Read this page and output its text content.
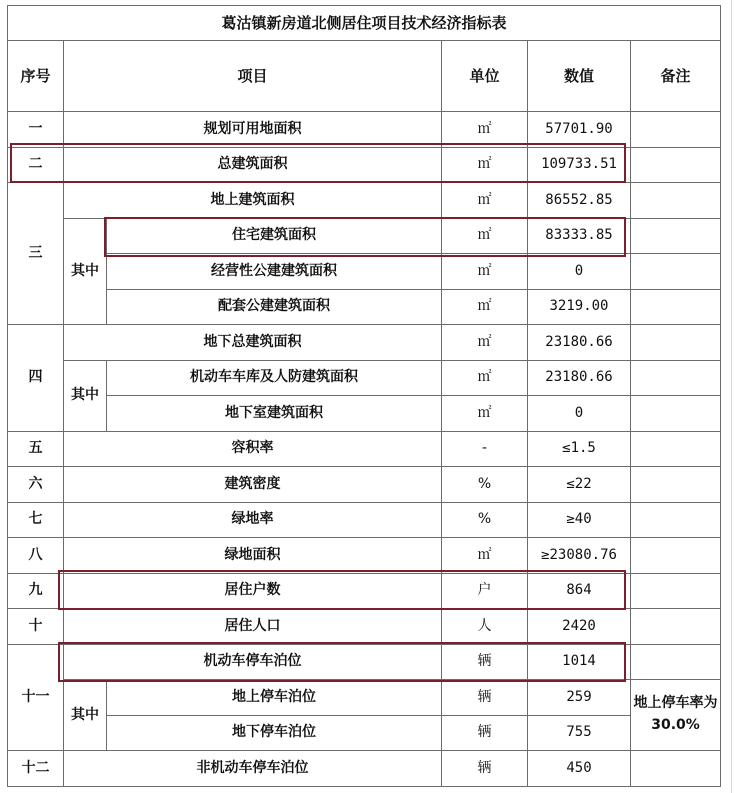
葛沽镇新房道北侧居住项目技术经济指标表					
序号	项目		单位	数值	备注
一	规划可用地面积		㎡	57701.90	
二	总建筑面积		㎡	109733.51	
三	地上建筑面积		㎡	86552.85	
	其中	住宅建筑面积	㎡	83333.85	
		经营性公建建筑面积	㎡	0	
		配套公建建筑面积	㎡	3219.00	
四	地下总建筑面积		㎡	23180.66	
	其中	机动车车库及人防建筑面积	㎡	23180.66	
		地下室建筑面积	㎡	0	
五	容积率		-	≤1.5	
六	建筑密度		%	≤22	
七	绿地率		%	≥40	
八	绿地面积		㎡	≥23080.76	
九	居住户数		户	864	
十	居住人口		人	2420	
十一	机动车停车泊位		辆	1014	
	其中	地上停车泊位	辆	259	地上停车率为30.0%
		地下停车泊位	辆	755	
十二	非机动车停车泊位		辆	450	
